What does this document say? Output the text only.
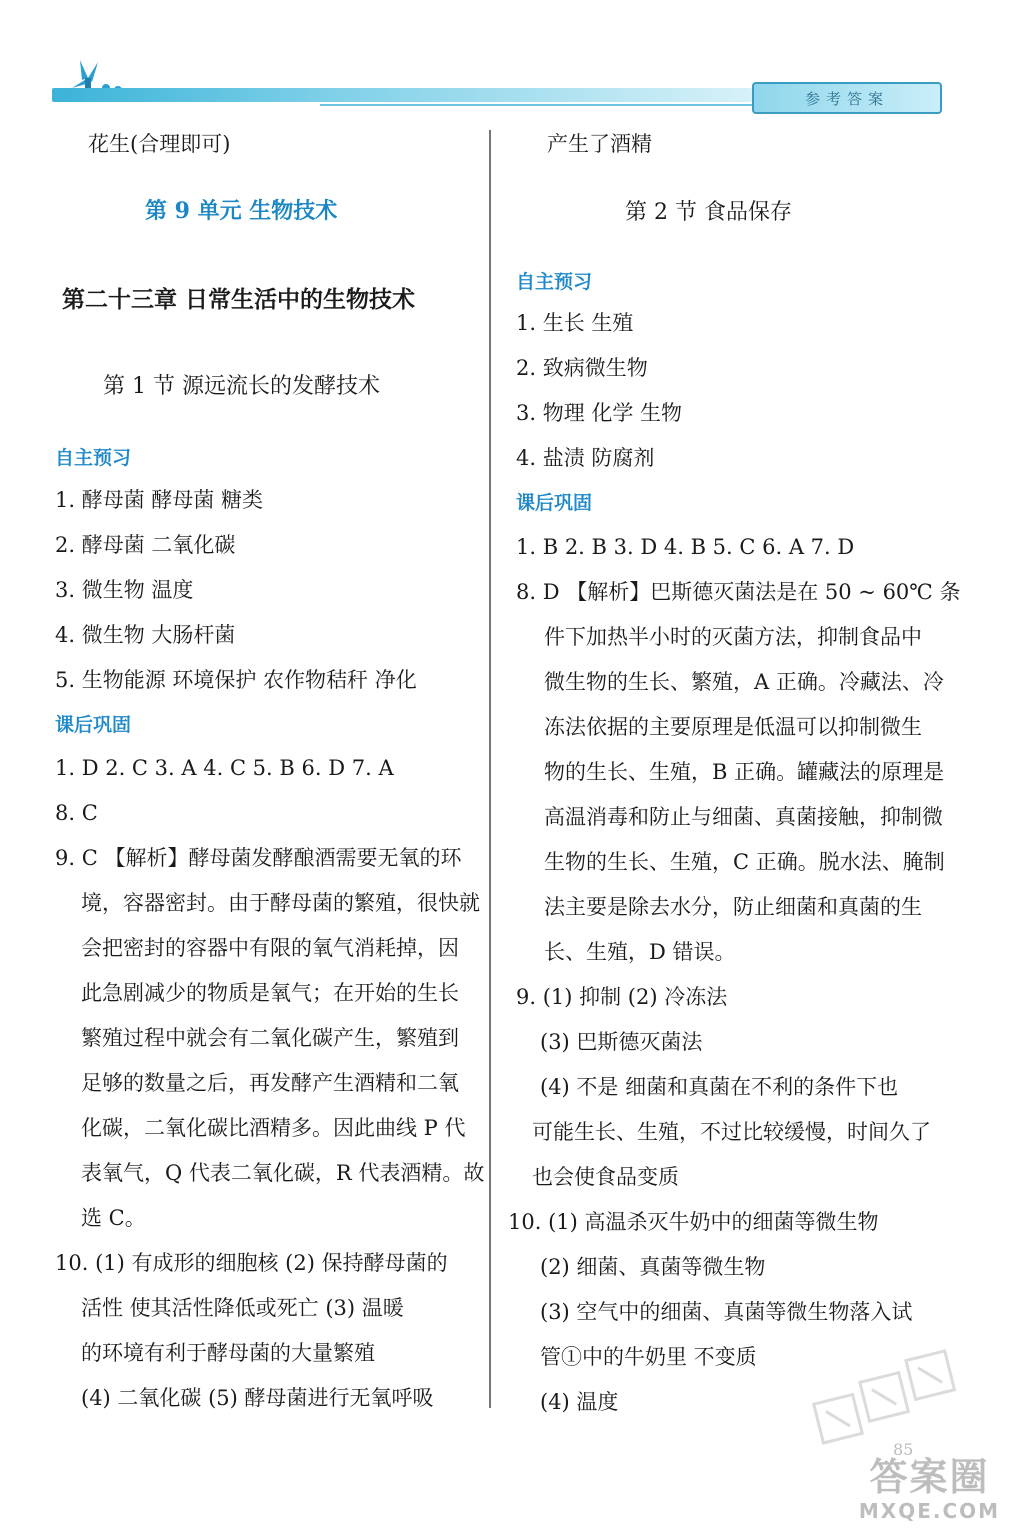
参考答案
花生(合理即可)
第 9 单元 生物技术
第二十三章 日常生活中的生物技术
第 1 节 源远流长的发酵技术
自主预习
1. 酵母菌 酵母菌 糖类
2. 酵母菌 二氧化碳
3. 微生物 温度
4. 微生物 大肠杆菌
5. 生物能源 环境保护 农作物秸秆 净化
课后巩固
1. D 2. C 3. A 4. C 5. B 6. D 7. A
8. C
9. C 【解析】酵母菌发酵酿酒需要无氧的环
境，容器密封。由于酵母菌的繁殖，很快就
会把密封的容器中有限的氧气消耗掉，因
此急剧减少的物质是氧气；在开始的生长
繁殖过程中就会有二氧化碳产生，繁殖到
足够的数量之后，再发酵产生酒精和二氧
化碳，二氧化碳比酒精多。因此曲线 P 代
表氧气，Q 代表二氧化碳，R 代表酒精。故
选 C。
10. (1) 有成形的细胞核 (2) 保持酵母菌的
活性 使其活性降低或死亡 (3) 温暖
的环境有利于酵母菌的大量繁殖
(4) 二氧化碳 (5) 酵母菌进行无氧呼吸
产生了酒精
第 2 节 食品保存
自主预习
1. 生长 生殖
2. 致病微生物
3. 物理 化学 生物
4. 盐渍 防腐剂
课后巩固
1. B 2. B 3. D 4. B 5. C 6. A 7. D
8. D 【解析】巴斯德灭菌法是在 50 ~ 60℃ 条
件下加热半小时的灭菌方法，抑制食品中
微生物的生长、繁殖，A 正确。冷藏法、冷
冻法依据的主要原理是低温可以抑制微生
物的生长、生殖，B 正确。罐藏法的原理是
高温消毒和防止与细菌、真菌接触，抑制微
生物的生长、生殖，C 正确。脱水法、腌制
法主要是除去水分，防止细菌和真菌的生
长、生殖，D 错误。
9. (1) 抑制 (2) 冷冻法
(3) 巴斯德灭菌法
(4) 不是 细菌和真菌在不利的条件下也
可能生长、生殖，不过比较缓慢，时间久了
也会使食品变质
10. (1) 高温杀灭牛奶中的细菌等微生物
(2) 细菌、真菌等微生物
(3) 空气中的细菌、真菌等微生物落入试
管①中的牛奶里 不变质
(4) 温度
85
答案圈
MXQE.COM
